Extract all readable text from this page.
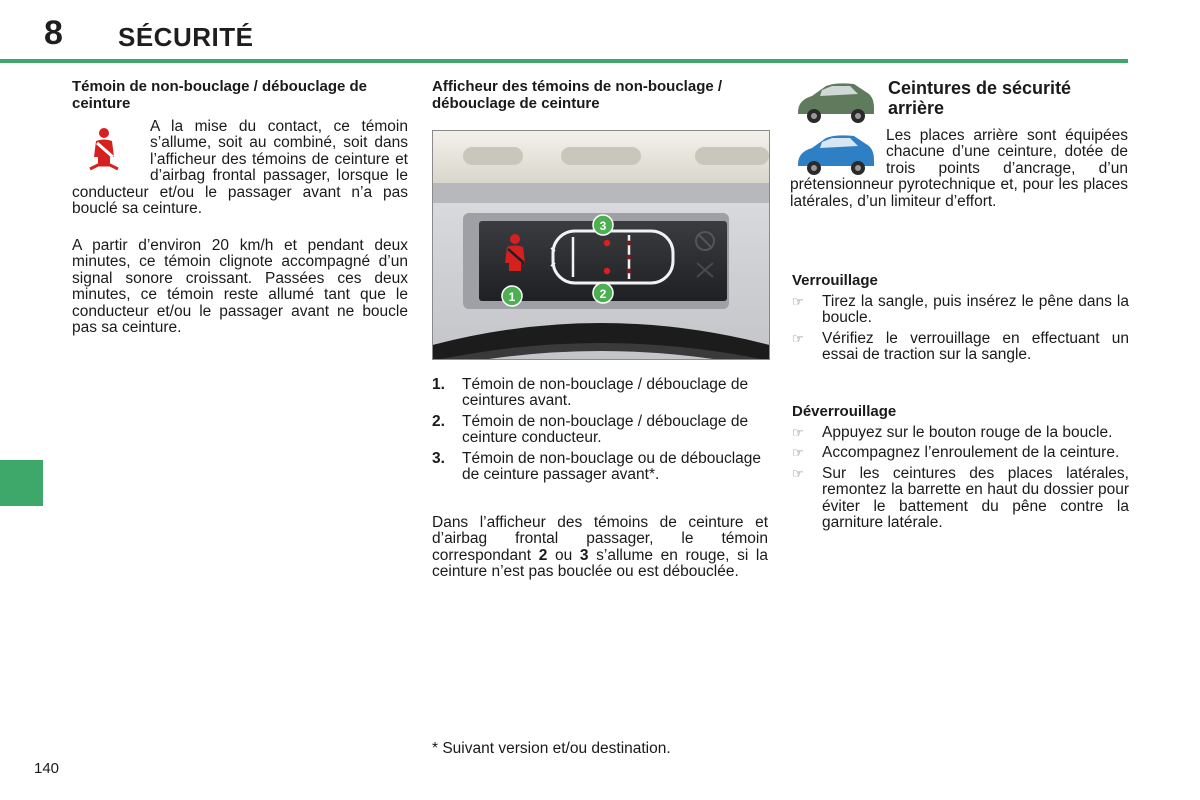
8 SÉCURITÉ
Témoin de non-bouclage / débouclage de ceinture
A la mise du contact, ce témoin s’allume, soit au combiné, soit dans l’afficheur des témoins de ceinture et d’airbag frontal passager, lorsque le conducteur et/ou le passager avant n’a pas bouclé sa ceinture.
A partir d’environ 20 km/h et pendant deux minutes, ce témoin clignote accompagné d’un signal sonore croissant. Passées ces deux minutes, ce témoin reste allumé tant que le conducteur et/ou le passager avant ne boucle pas sa ceinture.
Afficheur des témoins de non-bouclage / débouclage de ceinture
1	2
3
1.	Témoin de non-bouclage / débouclage de ceintures avant.
2.	Témoin de non-bouclage / débouclage de ceinture conducteur.
3.	Témoin de non-bouclage ou de débouclage de ceinture passager avant*.
Dans l’afficheur des témoins de ceinture et d’airbag frontal passager, le témoin correspondant 2 ou 3 s’allume en rouge, si la ceinture n’est pas bouclée ou est débouclée.
* Suivant version et/ou destination.
Ceintures de sécurité arrière

Les places arrière sont équipées chacune d’une ceinture, dotée de trois points d’ancrage, d’un prétensionneur pyrotechnique et, pour les places latérales, d’un limiteur d’effort.

Verrouillage
☞	Tirez la sangle, puis insérez le pêne dans la boucle.
☞	Vérifiez le verrouillage en effectuant un essai de traction sur la sangle.
Déverrouillage
☞	Appuyez sur le bouton rouge de la boucle.
☞	Accompagnez l’enroulement de la ceinture.
☞	Sur les ceintures des places latérales, remontez la barrette en haut du dossier pour éviter le battement du pêne contre la garniture latérale.
140
